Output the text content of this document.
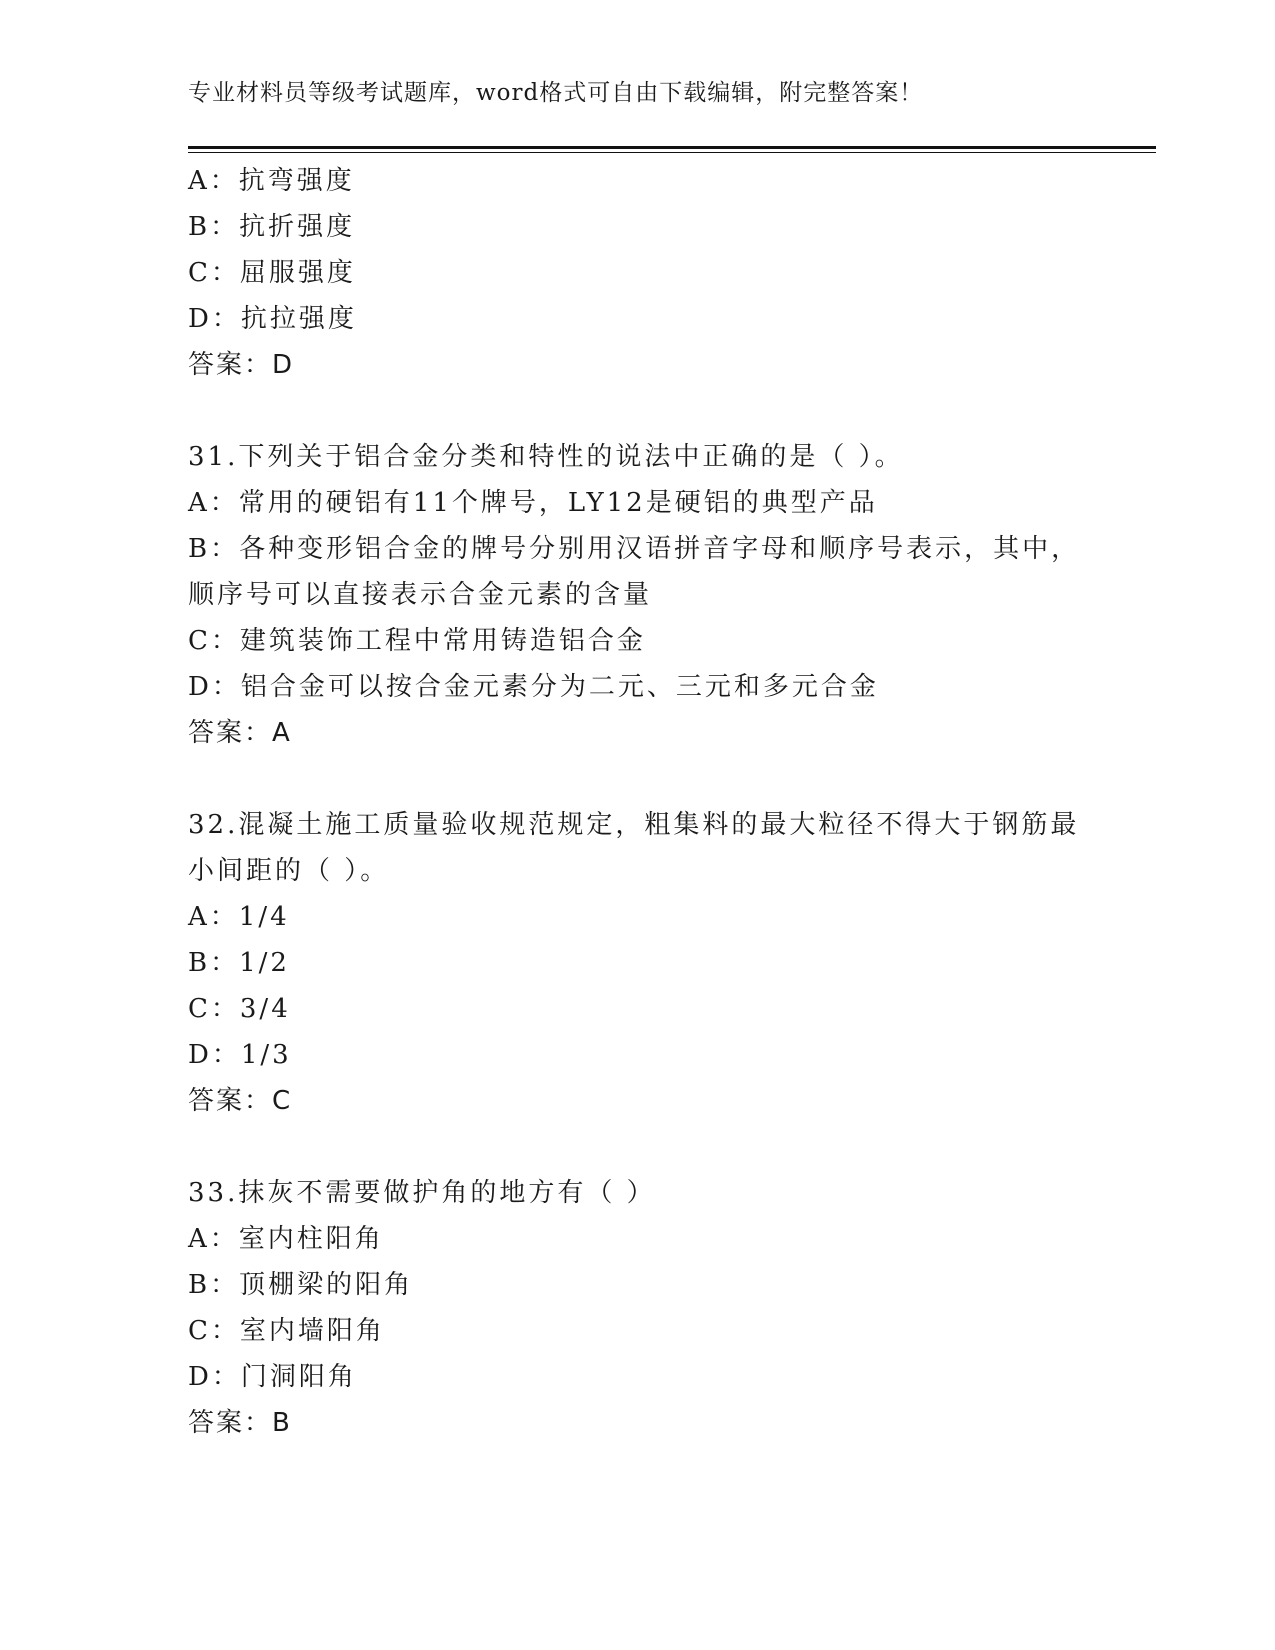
专业材料员等级考试题库，word格式可自由下载编辑，附完整答案！
A：抗弯强度
B：抗折强度
C：屈服强度
D：抗拉强度
答案：D
31.下列关于铝合金分类和特性的说法中正确的是（ ）。
A：常用的硬铝有11个牌号，LY12是硬铝的典型产品
B：各种变形铝合金的牌号分别用汉语拼音字母和顺序号表示，其中，
顺序号可以直接表示合金元素的含量
C：建筑装饰工程中常用铸造铝合金
D：铝合金可以按合金元素分为二元、三元和多元合金
答案：A
32.混凝土施工质量验收规范规定，粗集料的最大粒径不得大于钢筋最
小间距的（ ）。
A：1/4
B：1/2
C：3/4
D：1/3
答案：C
33.抹灰不需要做护角的地方有（ ）
A：室内柱阳角
B：顶棚梁的阳角
C：室内墙阳角
D：门洞阳角
答案：B
